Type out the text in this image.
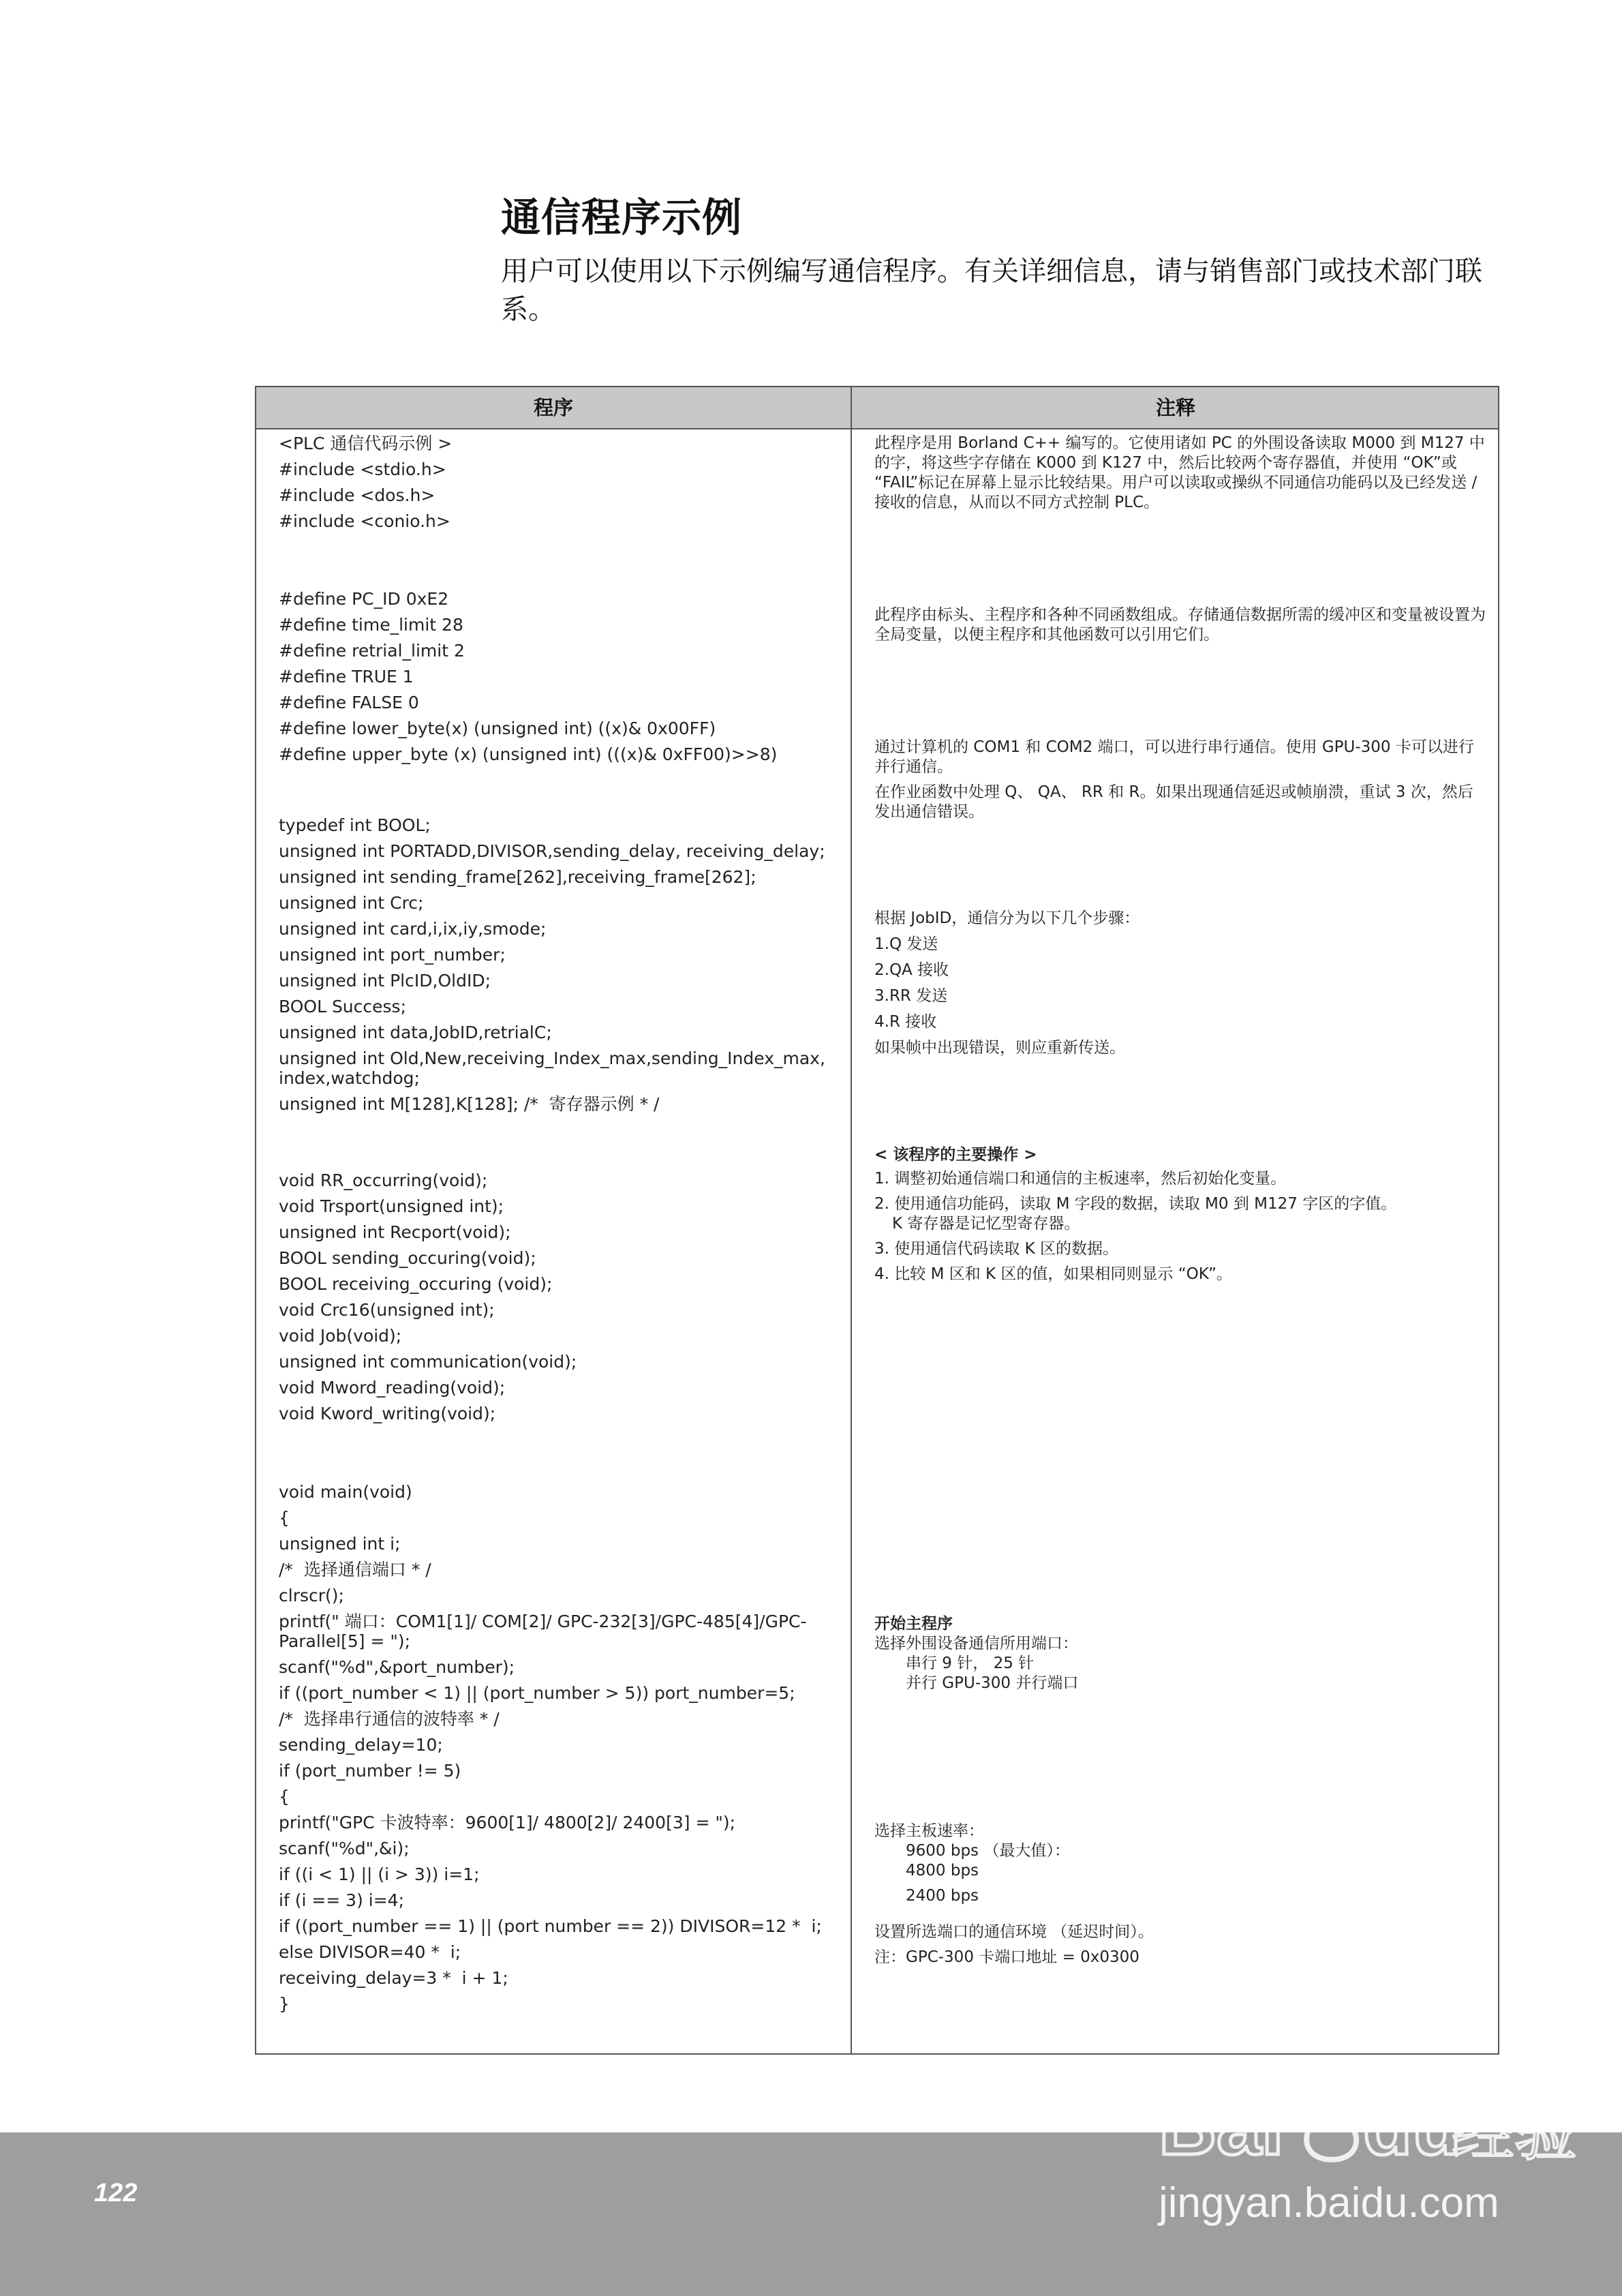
通信程序示例
用户可以使用以下示例编写通信程序。有关详细信息，请与销售部门或技术部门联系。
程序	注释
<PLC 通信代码示例 >
#include <stdio.h>
#include <dos.h>
#include <conio.h>
#define PC_ID 0xE2
#define time_limit 28
#define retrial_limit 2
#define TRUE 1
#define FALSE 0
#define lower_byte(x) (unsigned int) ((x)& 0x00FF)
#define upper_byte (x) (unsigned int) (((x)& 0xFF00)>>8)
typedef int BOOL;
unsigned int PORTADD,DIVISOR,sending_delay, receiving_delay;
unsigned int sending_frame[262],receiving_frame[262];
unsigned int Crc;
unsigned int card,i,ix,iy,smode;
unsigned int port_number;
unsigned int PlcID,OldID;
BOOL Success;
unsigned int data,JobID,retrialC;
unsigned int Old,New,receiving_Index_max,sending_Index_max, index,watchdog;
unsigned int M[128],K[128]; /*  寄存器示例 * /
void RR_occurring(void);
void Trsport(unsigned int);
unsigned int Recport(void);
BOOL sending_occuring(void);
BOOL receiving_occuring (void);
void Crc16(unsigned int);
void Job(void);
unsigned int communication(void);
void Mword_reading(void);
void Kword_writing(void);
void main(void)
{
unsigned int i;
/*  选择通信端口 * /
clrscr();
printf(" 端口：COM1[1]/ COM[2]/ GPC-232[3]/GPC-485[4]/GPC-Parallel[5] = ");
scanf("%d",&port_number);
if ((port_number < 1) || (port_number > 5)) port_number=5;
/*  选择串行通信的波特率 * /
sending_delay=10;
if (port_number != 5)
{
printf("GPC 卡波特率：9600[1]/ 4800[2]/ 2400[3] = ");
scanf("%d",&i);
if ((i < 1) || (i > 3)) i=1;
if (i == 3) i=4;
if ((port_number == 1) || (port number == 2)) DIVISOR=12 *  i;
else DIVISOR=40 *  i;
receiving_delay=3 *  i + 1;
}

此程序是用 Borland C++ 编写的。它使用诸如 PC 的外围设备读取 M000 到 M127 中的字，将这些字存储在 K000 到 K127 中，然后比较两个寄存器值，并使用 “OK”或 “FAIL”标记在屏幕上显示比较结果。用户可以读取或操纵不同通信功能码以及已经发送 / 接收的信息，从而以不同方式控制 PLC。

此程序由标头、主程序和各种不同函数组成。存储通信数据所需的缓冲区和变量被设置为全局变量，以便主程序和其他函数可以引用它们。

通过计算机的 COM1 和 COM2 端口，可以进行串行通信。使用 GPU-300 卡可以进行并行通信。

在作业函数中处理 Q、 QA、 RR 和 R。如果出现通信延迟或帧崩溃，重试 3 次，然后发出通信错误。

根据 JobID，通信分为以下几个步骤：

1.Q 发送

2.QA 接收

3.RR 发送

4.R 接收

如果帧中出现错误，则应重新传送。

< 该程序的主要操作 >

1. 调整初始通信端口和通信的主板速率，然后初始化变量。

2. 使用通信功能码，读取 M 字段的数据，读取 M0 到 M127 字区的字值。

K 寄存器是记忆型寄存器。

3. 使用通信代码读取 K 区的数据。

4. 比较 M 区和 K 区的值，如果相同则显示 “OK”。

开始主程序

选择外围设备通信所用端口：

串行 9 针， 25 针

并行 GPU-300 并行端口

选择主板速率：

9600 bps （最大值）：

4800 bps

2400 bps

设置所选端口的通信环境 （延迟时间）。

注：GPC-300 卡端口地址 = 0x0300

122
Bai du
经验
jingyan.baidu.com
